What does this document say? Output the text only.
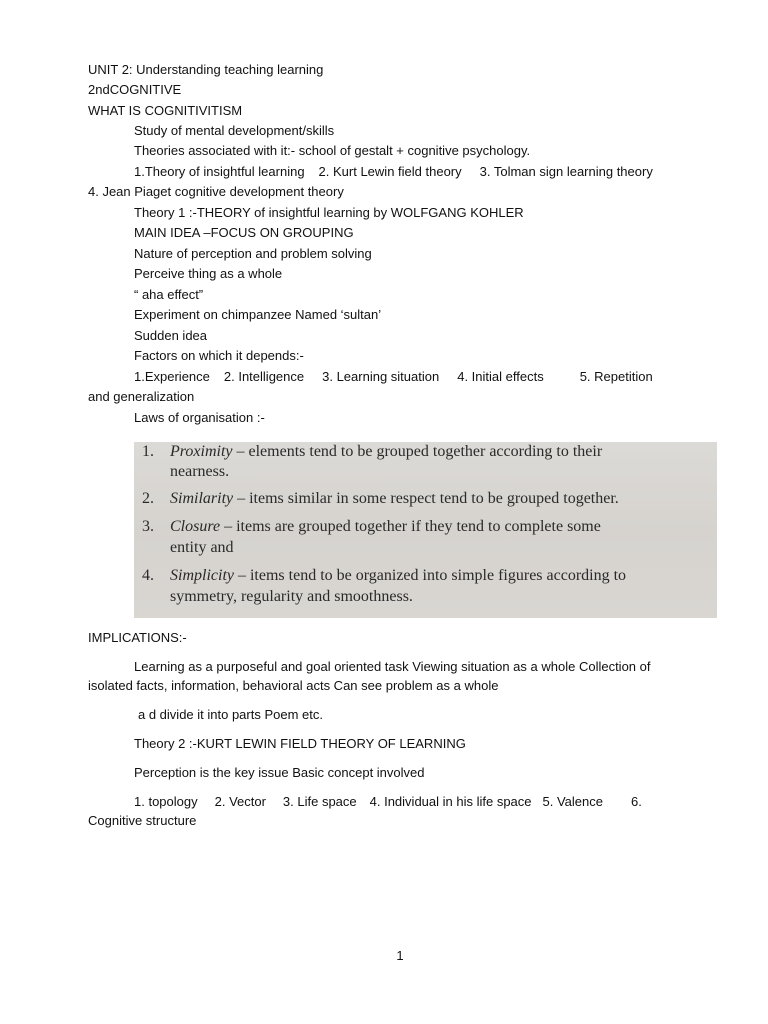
UNIT 2: Understanding teaching learning
2ndCOGNITIVE
WHAT IS COGNITIVITISM
Study of mental development/skills
Theories associated with it:- school of gestalt + cognitive psychology.
1.Theory of insightful learning 2. Kurt Lewin field theory 3. Tolman sign learning theory
4. Jean Piaget cognitive development theory
Theory 1 :-THEORY of insightful learning by WOLFGANG KOHLER
MAIN IDEA –FOCUS ON GROUPING
Nature of perception and problem solving
Perceive thing as a whole
“ aha effect”
Experiment on chimpanzee Named ‘sultan’
Sudden idea
Factors on which it depends:-
1.Experience 2. Intelligence 3. Learning situation 4. Initial effects	5. Repetition
and generalization
Laws of organisation :-
1. Proximity – elements tend to be grouped together according to their
nearness.
2. Similarity – items similar in some respect tend to be grouped together.
3. Closure – items are grouped together if they tend to complete some
entity and
4. Simplicity – items tend to be organized into simple figures according to
symmetry, regularity and smoothness.
IMPLICATIONS:-
Learning as a purposeful and goal oriented task Viewing situation as a whole Collection of
isolated facts, information, behavioral acts Can see problem as a whole
a d divide it into parts Poem etc.
Theory 2 :-KURT LEWIN FIELD THEORY OF LEARNING
Perception is the key issue Basic concept involved
1. topology 2. Vector 3. Life space 4. Individual in his life space 5. Valence 6.
Cognitive structure
1
